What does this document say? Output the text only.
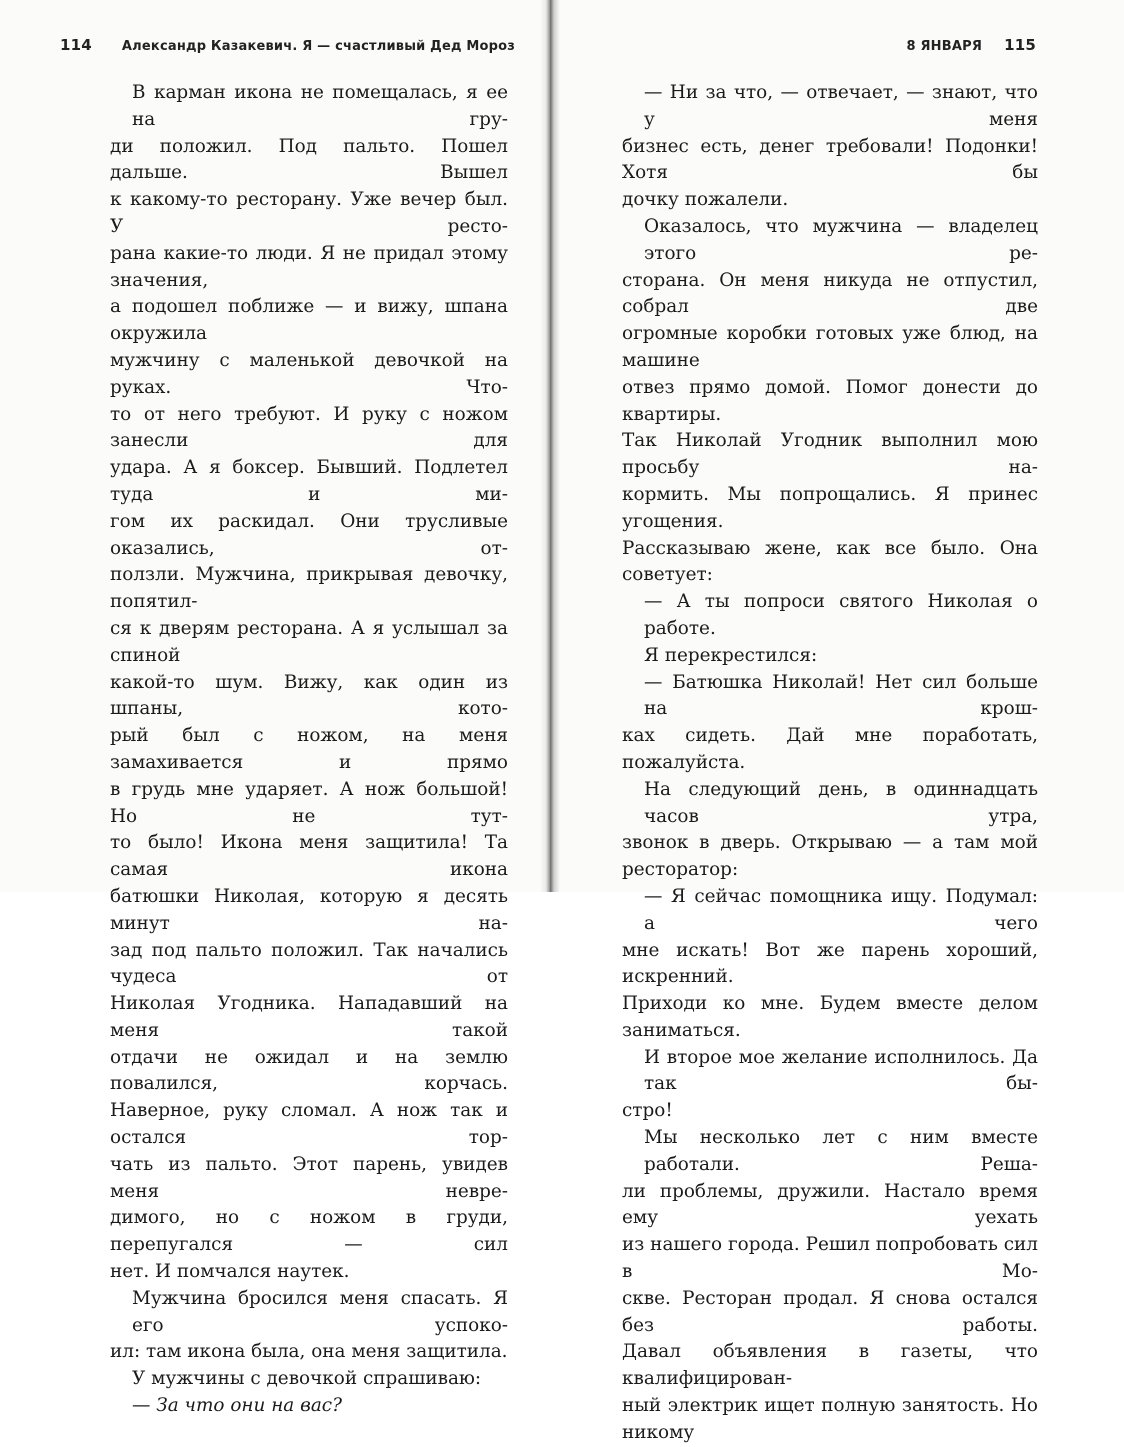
114 Александр Казакевич. Я — счастливый Дед Мороз	8 ЯНВАРЯ 115

В карман икона не помещалась, я ее на гру-
ди положил. Под пальто. Пошел дальше. Вышел
к какому-то ресторану. Уже вечер был. У ресто-
рана какие-то люди. Я не придал этому значения,
а подошел поближе — и вижу, шпана окружила
мужчину с маленькой девочкой на руках. Что-
то от него требуют. И руку с ножом занесли для
удара. А я боксер. Бывший. Подлетел туда и ми-
гом их раскидал. Они трусливые оказались, от-
ползли. Мужчина, прикрывая девочку, попятил-
ся к дверям ресторана. А я услышал за спиной
какой-то шум. Вижу, как один из шпаны, кото-
рый был с ножом, на меня замахивается и прямо
в грудь мне ударяет. А нож большой! Но не тут-
то было! Икона меня защитила! Та самая икона
батюшки Николая, которую я десять минут на-
зад под пальто положил. Так начались чудеса от
Николая Угодника. Нападавший на меня такой
отдачи не ожидал и на землю повалился, корчась.
Наверное, руку сломал. А нож так и остался тор-
чать из пальто. Этот парень, увидев меня невре-
димого, но с ножом в груди, перепугался — сил
нет. И помчался наутек.

Мужчина бросился меня спасать. Я его успоко-
ил: там икона была, она меня защитила.

У мужчины с девочкой спрашиваю:

— За что они на вас?

— Ни за что, — отвечает, — знают, что у меня
бизнес есть, денег требовали! Подонки! Хотя бы
дочку пожалели.

Оказалось, что мужчина — владелец этого ре-
сторана. Он меня никуда не отпустил, собрал две
огромные коробки готовых уже блюд, на машине
отвез прямо домой. Помог донести до квартиры.
Так Николай Угодник выполнил мою просьбу на-
кормить. Мы попрощались. Я принес угощения.
Рассказываю жене, как все было. Она советует:

— А ты попроси святого Николая о работе.

Я перекрестился:

— Батюшка Николай! Нет сил больше на крош-
ках сидеть. Дай мне поработать, пожалуйста.

На следующий день, в одиннадцать часов утра,
звонок в дверь. Открываю — а там мой ресторатор:

— Я сейчас помощника ищу. Подумал: а чего
мне искать! Вот же парень хороший, искренний.
Приходи ко мне. Будем вместе делом заниматься.

И второе мое желание исполнилось. Да так бы-
стро!

Мы несколько лет с ним вместе работали. Реша-
ли проблемы, дружили. Настало время ему уехать
из нашего города. Решил попробовать сил в Мо-
скве. Ресторан продал. Я снова остался без работы.
Давал объявления в газеты, что квалифицирован-
ный электрик ищет полную занятость. Но никому
